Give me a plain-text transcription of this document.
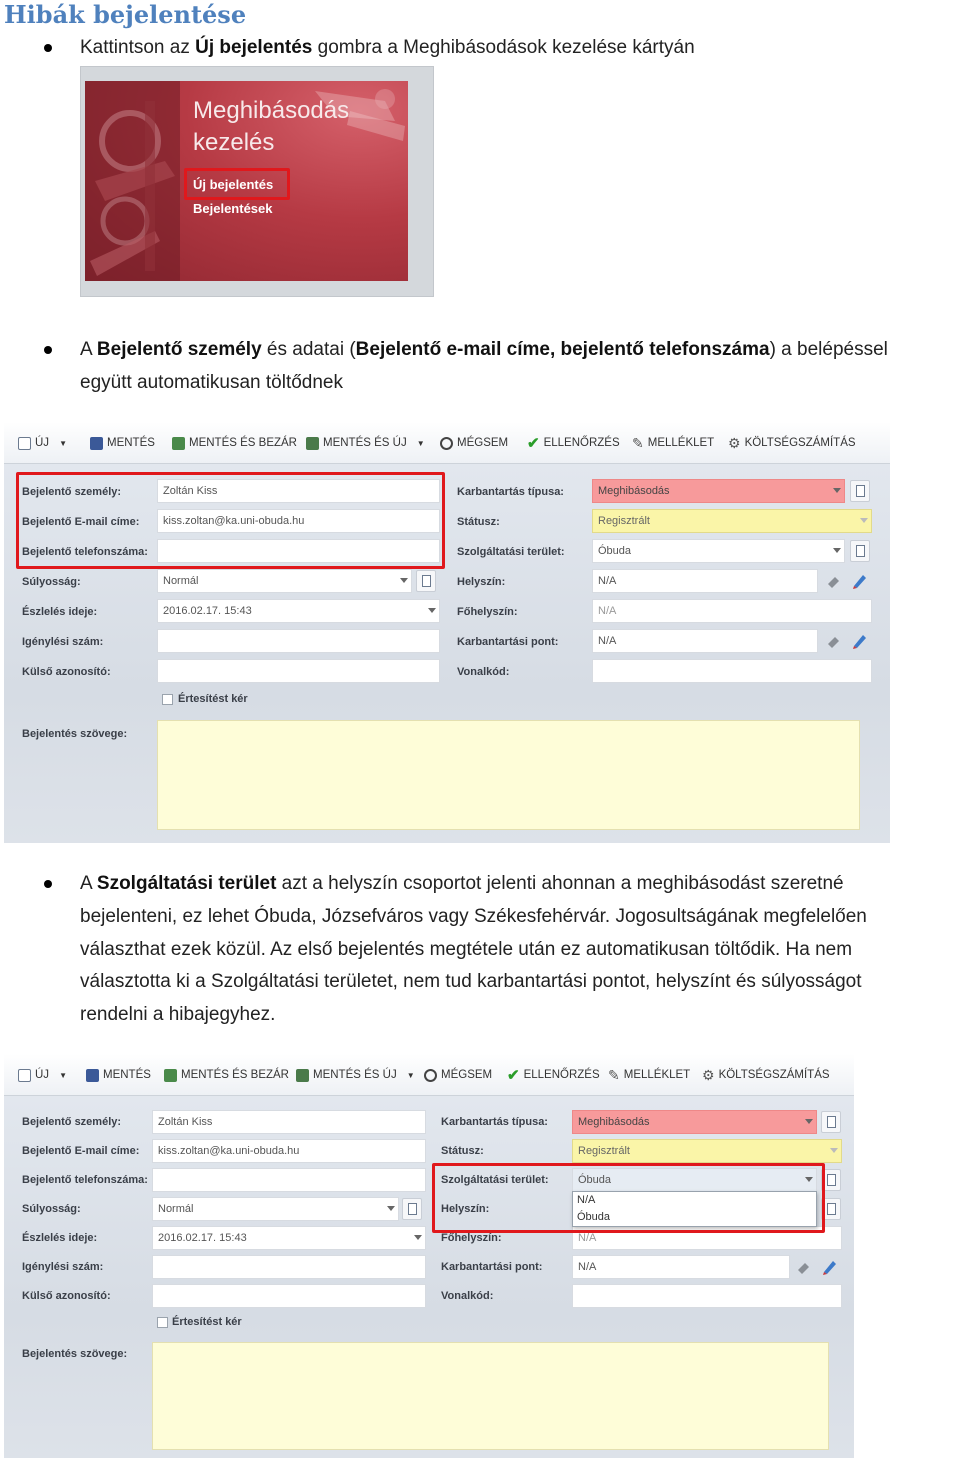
Hibák bejelentése
Kattintson az Új bejelentés gombra a Meghibásodások kezelése kártyán
Meghibásodás
kezelés
Új bejelentés
Bejelentések
A Bejelentő személy és adatai (Bejelentő e-mail címe, bejelentő telefonszáma) a belépéssel
együtt automatikusan töltődnek
ÚJ ▼	MENTÉS	MENTÉS ÉS BEZÁR MENTÉS ÉS ÚJ ▼	MÉGSEM ✔ ELLENŐRZÉS ✎ MELLÉKLET ⚙ KÖLTSÉGSZÁMÍTÁS
Bejelentő személy:	Zoltán Kiss
Bejelentő E-mail címe:	kiss.zoltan@ka.uni-obuda.hu
Bejelentő telefonszáma:
Súlyosság:	Normál
Észlelés ideje:	2016.02.17. 15:43
Igénylési szám:
Külső azonosító:
Értesítést kér
Bejelentés szövege:
Karbantartás típusa:	Meghibásodás
Státusz:	Regisztrált
Szolgáltatási terület:	Óbuda
Helyszín:	N/A
Főhelyszín:	N/A
Karbantartási pont:	N/A
Vonalkód:
A Szolgáltatási terület azt a helyszín csoportot jelenti ahonnan a meghibásodást szeretné
bejelenteni, ez lehet Óbuda, Józsefváros vagy Székesfehérvár. Jogosultságának megfelelően
választhat ezek közül. Az első bejelentés megtétele után ez automatikusan töltődik. Ha nem
választotta ki a Szolgáltatási területet, nem tud karbantartási pontot, helyszínt és súlyosságot
rendelni a hibajegyhez.
ÚJ ▼	MENTÉS	MENTÉS ÉS BEZÁR MENTÉS ÉS ÚJ ▼ MÉGSEM ✔ ELLENŐRZÉS ✎ MELLÉKLET ⚙ KÖLTSÉGSZÁMÍTÁS
Bejelentő személy:	Zoltán Kiss
Bejelentő E-mail címe:	kiss.zoltan@ka.uni-obuda.hu
Bejelentő telefonszáma:
Súlyosság:	Normál
Észlelés ideje:	2016.02.17. 15:43
Igénylési szám:
Külső azonosító:
Értesítést kér
Bejelentés szövege:
Karbantartás típusa:	Meghibásodás
Státusz:	Regisztrált
Szolgáltatási terület:	Óbuda
Helyszín:
Főhelyszín:	N/A
Karbantartási pont:	N/A
Vonalkód:
N/A
Óbuda
